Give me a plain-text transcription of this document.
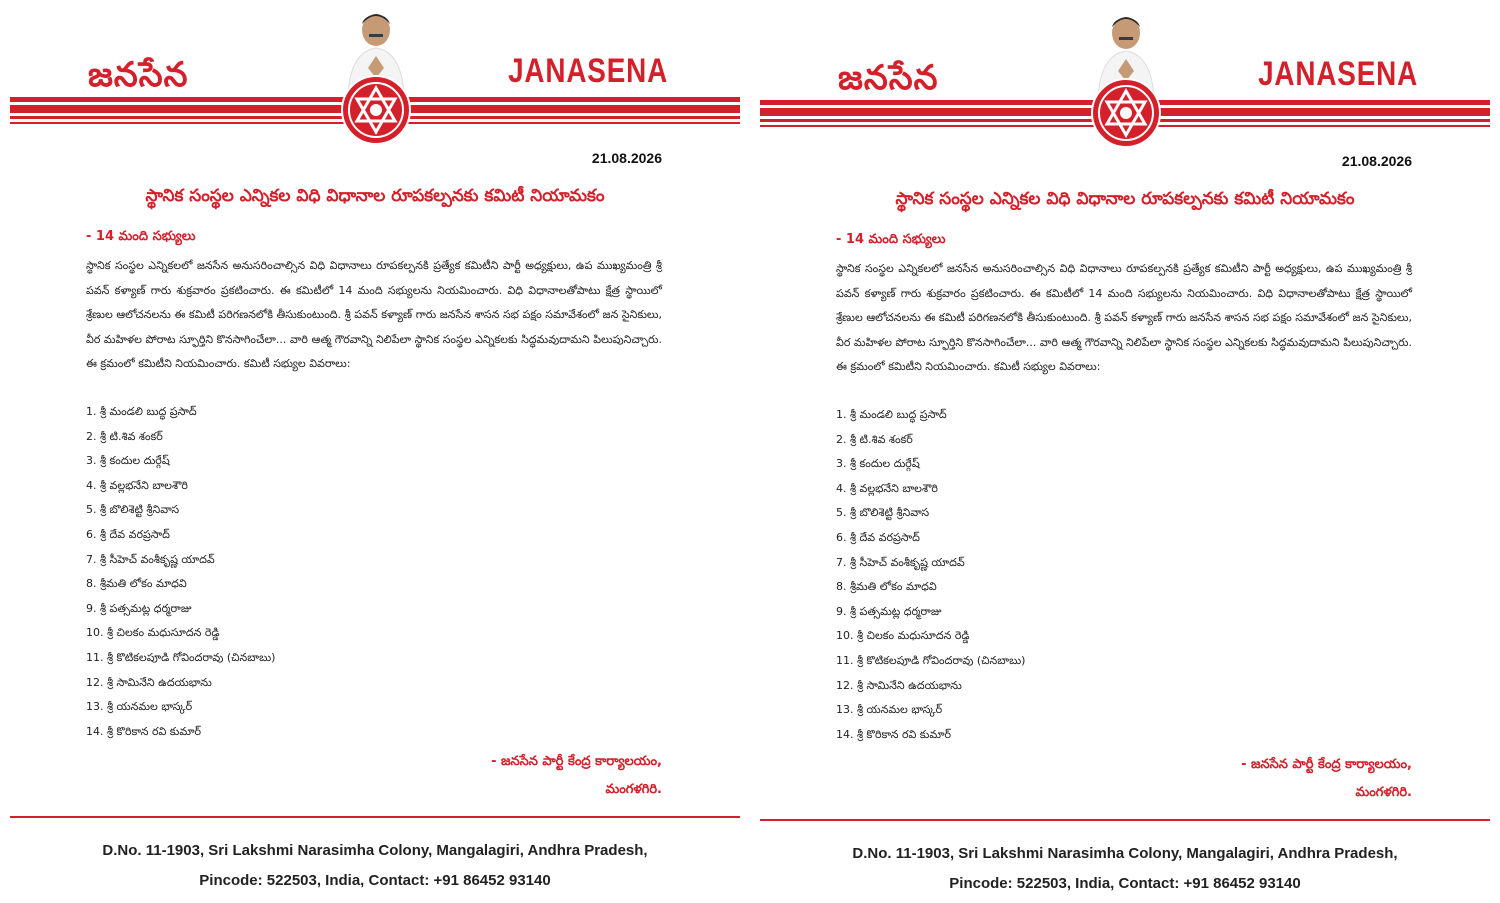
జనసేన	JANASENA
21.08.2026
స్థానిక సంస్థల ఎన్నికల విధి విధానాల రూపకల్పనకు కమిటీ నియామకం
- 14 మంది సభ్యులు

స్థానిక సంస్థల ఎన్నికలలో జనసేన అనుసరించాల్సిన విధి విధానాలు రూపకల్పనకి ప్రత్యేక కమిటీని పార్టీ అధ్యక్షులు, ఉప ముఖ్యమంత్రి శ్రీ పవన్ కళ్యాణ్ గారు శుక్రవారం ప్రకటించారు. ఈ కమిటీలో 14 మంది సభ్యులను నియమించారు. విధి విధానాలతోపాటు క్షేత్ర స్థాయిలో శ్రేణుల ఆలోచనలను ఈ కమిటీ పరిగణనలోకి తీసుకుంటుంది. శ్రీ పవన్ కళ్యాణ్ గారు జనసేన శాసన సభ పక్షం సమావేశంలో జన సైనికులు, వీర మహిళల పోరాట స్ఫూర్తిని కొనసాగించేలా... వారి ఆత్మ గౌరవాన్ని నిలిపేలా స్థానిక సంస్థల ఎన్నికలకు సిద్ధమవుదామని పిలుపునిచ్చారు. ఈ క్రమంలో కమిటీని నియమించారు. కమిటీ సభ్యుల వివరాలు:

1. శ్రీ మండలి బుద్ధ ప్రసాద్
2. శ్రీ టి.శివ శంకర్
3. శ్రీ కందుల దుర్గేష్
4. శ్రీ వల్లభనేని బాలశౌరి
5. శ్రీ బొలిశెట్టి శ్రీనివాస
6. శ్రీ దేవ వరప్రసాద్
7. శ్రీ సీహెచ్ వంశీకృష్ణ యాదవ్
8. శ్రీమతి లోకం మాధవి
9. శ్రీ పత్సమట్ల ధర్మరాజు
10. శ్రీ చిలకం మధుసూదన రెడ్డి
11. శ్రీ కొటికలపూడి గోవిందరావు (చినబాబు)
12. శ్రీ సామినేని ఉదయభాను
13. శ్రీ యనమల భాస్కర్
14. శ్రీ కొరికాన రవి కుమార్
- జనసేన పార్టీ కేంద్ర కార్యాలయం,
మంగళగిరి.
D.No. 11-1903, Sri Lakshmi Narasimha Colony, Mangalagiri, Andhra Pradesh,
Pincode: 522503, India, Contact: +91 86452 93140
జనసేన	JANASENA
21.08.2026
స్థానిక సంస్థల ఎన్నికల విధి విధానాల రూపకల్పనకు కమిటీ నియామకం
- 14 మంది సభ్యులు

స్థానిక సంస్థల ఎన్నికలలో జనసేన అనుసరించాల్సిన విధి విధానాలు రూపకల్పనకి ప్రత్యేక కమిటీని పార్టీ అధ్యక్షులు, ఉప ముఖ్యమంత్రి శ్రీ పవన్ కళ్యాణ్ గారు శుక్రవారం ప్రకటించారు. ఈ కమిటీలో 14 మంది సభ్యులను నియమించారు. విధి విధానాలతోపాటు క్షేత్ర స్థాయిలో శ్రేణుల ఆలోచనలను ఈ కమిటీ పరిగణనలోకి తీసుకుంటుంది. శ్రీ పవన్ కళ్యాణ్ గారు జనసేన శాసన సభ పక్షం సమావేశంలో జన సైనికులు, వీర మహిళల పోరాట స్ఫూర్తిని కొనసాగించేలా... వారి ఆత్మ గౌరవాన్ని నిలిపేలా స్థానిక సంస్థల ఎన్నికలకు సిద్ధమవుదామని పిలుపునిచ్చారు. ఈ క్రమంలో కమిటీని నియమించారు. కమిటీ సభ్యుల వివరాలు:

1. శ్రీ మండలి బుద్ధ ప్రసాద్
2. శ్రీ టి.శివ శంకర్
3. శ్రీ కందుల దుర్గేష్
4. శ్రీ వల్లభనేని బాలశౌరి
5. శ్రీ బొలిశెట్టి శ్రీనివాస
6. శ్రీ దేవ వరప్రసాద్
7. శ్రీ సీహెచ్ వంశీకృష్ణ యాదవ్
8. శ్రీమతి లోకం మాధవి
9. శ్రీ పత్సమట్ల ధర్మరాజు
10. శ్రీ చిలకం మధుసూదన రెడ్డి
11. శ్రీ కొటికలపూడి గోవిందరావు (చినబాబు)
12. శ్రీ సామినేని ఉదయభాను
13. శ్రీ యనమల భాస్కర్
14. శ్రీ కొరికాన రవి కుమార్
- జనసేన పార్టీ కేంద్ర కార్యాలయం,
మంగళగిరి.
D.No. 11-1903, Sri Lakshmi Narasimha Colony, Mangalagiri, Andhra Pradesh,
Pincode: 522503, India, Contact: +91 86452 93140
